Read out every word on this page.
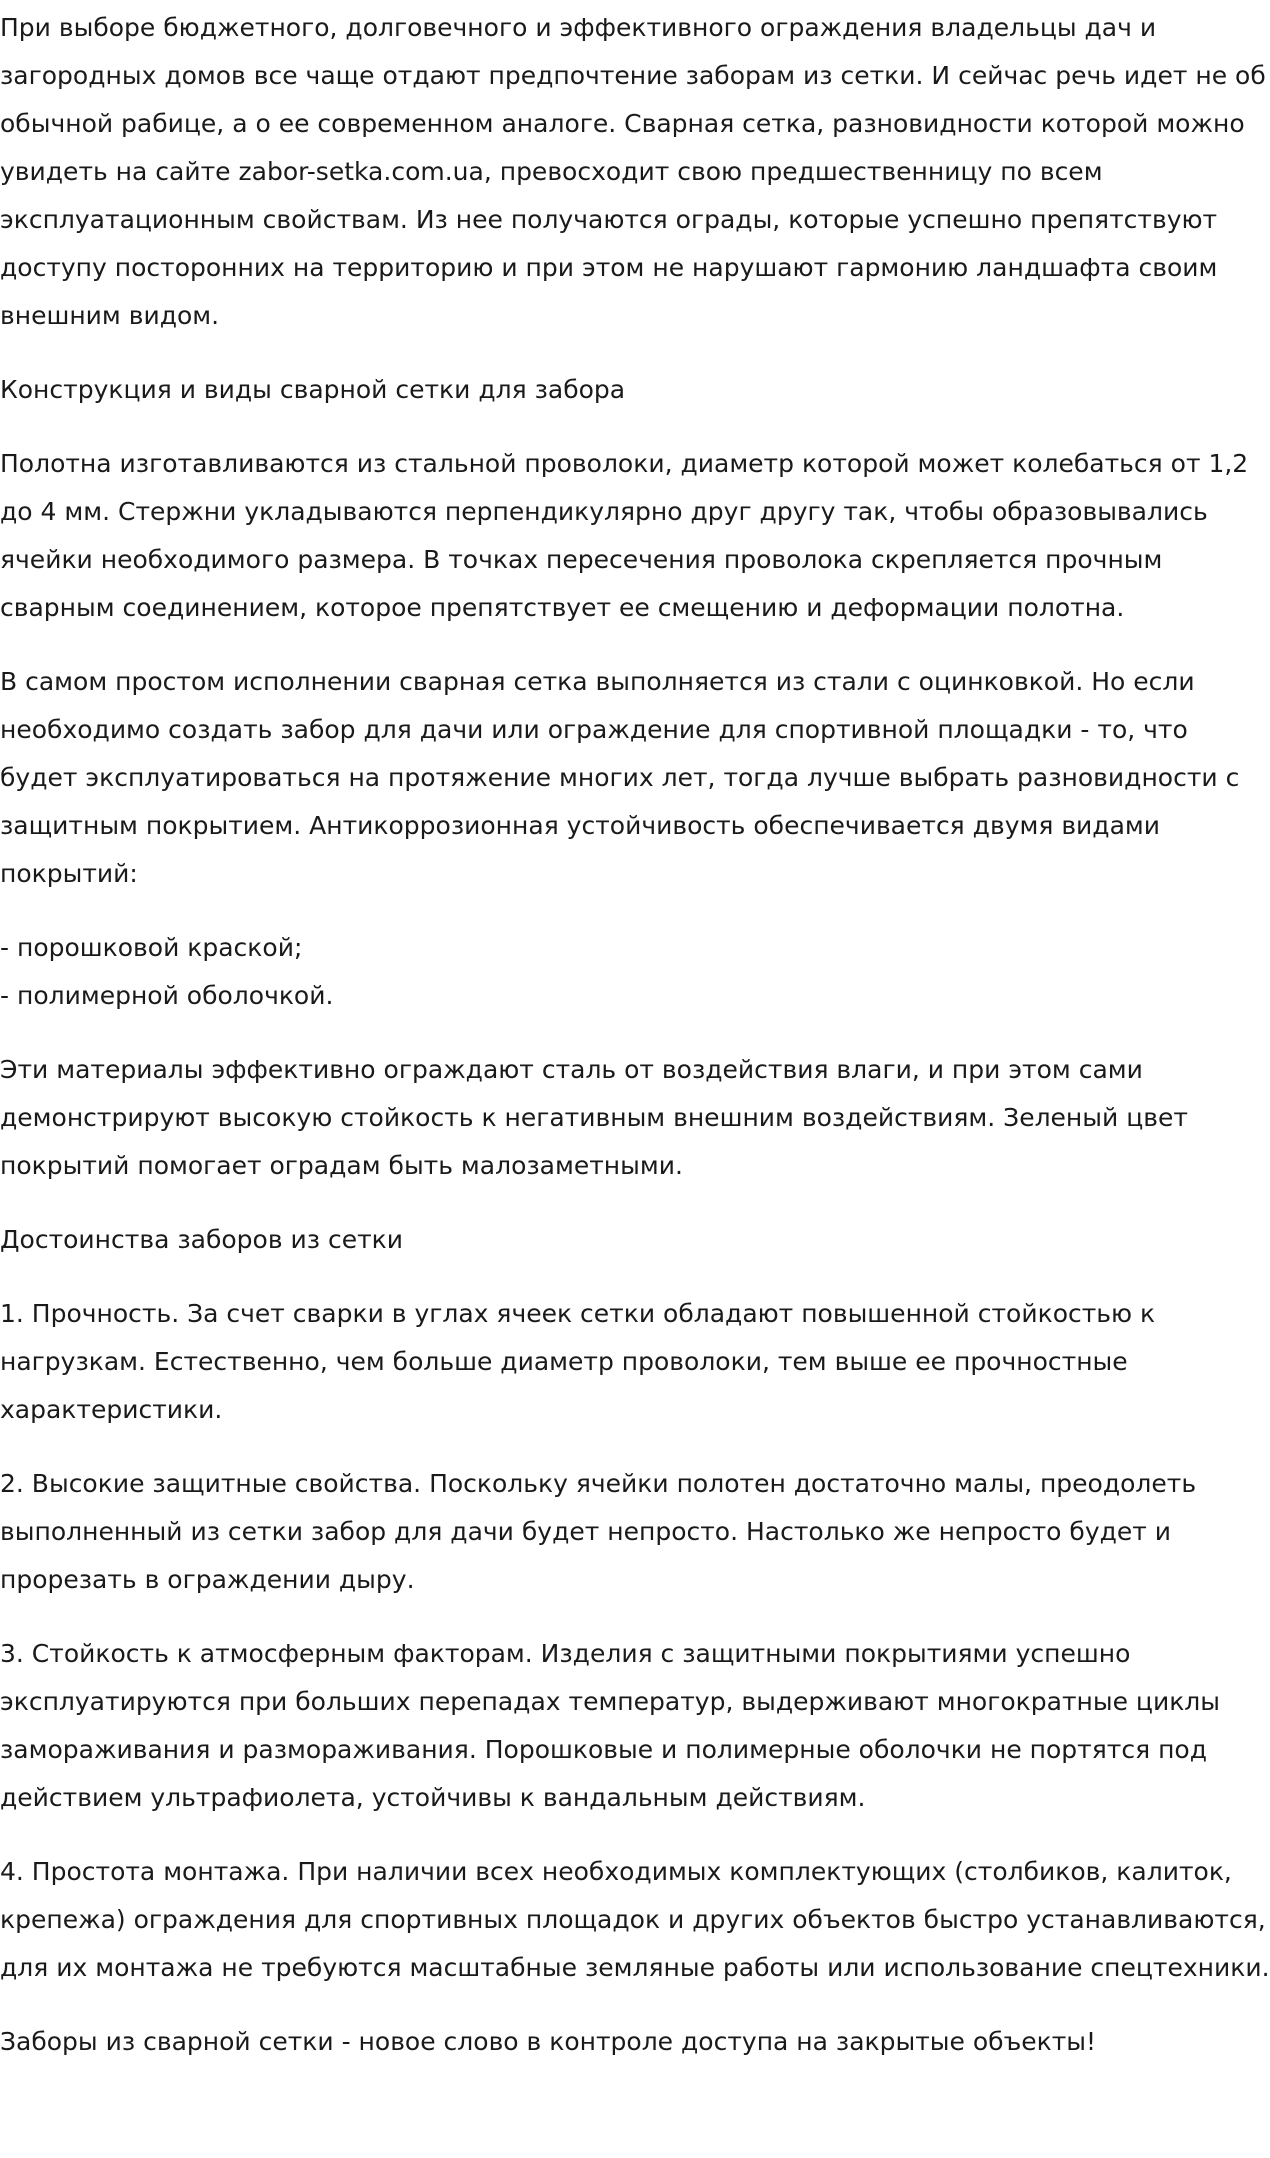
При выборе бюджетного, долговечного и эффективного ограждения владельцы дач и загородных домов все чаще отдают предпочтение заборам из сетки. И сейчас речь идет не об обычной рабице, а о ее современном аналоге. Сварная сетка, разновидности которой можно увидеть на сайте zabor-setka.com.ua, превосходит свою предшественницу по всем эксплуатационным свойствам. Из нее получаются ограды, которые успешно препятствуют доступу посторонних на территорию и при этом не нарушают гармонию ландшафта своим внешним видом.

Конструкция и виды сварной сетки для забора

Полотна изготавливаются из стальной проволоки, диаметр которой может колебаться от 1,2 до 4 мм. Стержни укладываются перпендикулярно друг другу так, чтобы образовывались ячейки необходимого размера. В точках пересечения проволока скрепляется прочным сварным соединением, которое препятствует ее смещению и деформации полотна.

В самом простом исполнении сварная сетка выполняется из стали с оцинковкой. Но если необходимо создать забор для дачи или ограждение для спортивной площадки - то, что будет эксплуатироваться на протяжение многих лет, тогда лучше выбрать разновидности с защитным покрытием. Антикоррозионная устойчивость обеспечивается двумя видами покрытий:

- порошковой краской;
- полимерной оболочкой.

Эти материалы эффективно ограждают сталь от воздействия влаги, и при этом сами демонстрируют высокую стойкость к негативным внешним воздействиям. Зеленый цвет покрытий помогает оградам быть малозаметными.

Достоинства заборов из сетки

1. Прочность. За счет сварки в углах ячеек сетки обладают повышенной стойкостью к нагрузкам. Естественно, чем больше диаметр проволоки, тем выше ее прочностные характеристики.

2. Высокие защитные свойства. Поскольку ячейки полотен достаточно малы, преодолеть выполненный из сетки забор для дачи будет непросто. Настолько же непросто будет и прорезать в ограждении дыру.

3. Стойкость к атмосферным факторам. Изделия с защитными покрытиями успешно эксплуатируются при больших перепадах температур, выдерживают многократные циклы замораживания и размораживания. Порошковые и полимерные оболочки не портятся под действием ультрафиолета, устойчивы к вандальным действиям.

4. Простота монтажа. При наличии всех необходимых комплектующих (столбиков, калиток, крепежа) ограждения для спортивных площадок и других объектов быстро устанавливаются, для их монтажа не требуются масштабные земляные работы или использование спецтехники.

Заборы из сварной сетки - новое слово в контроле доступа на закрытые объекты!
